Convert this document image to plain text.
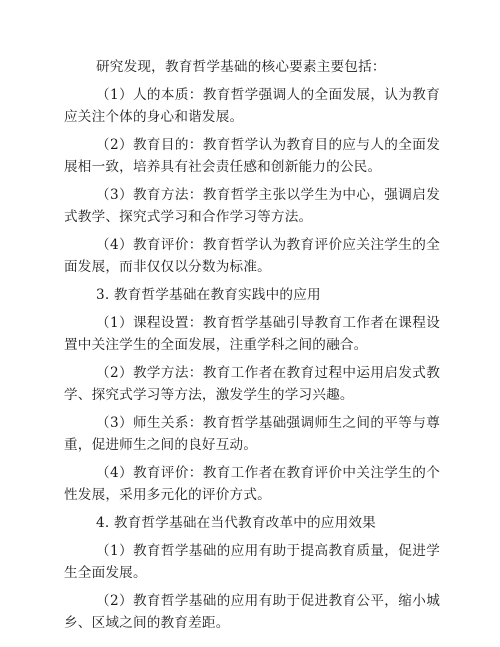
研究发现，教育哲学基础的核心要素主要包括：

（1）人的本质：教育哲学强调人的全面发展，认为教育应关注个体的身心和谐发展。

（2）教育目的：教育哲学认为教育目的应与人的全面发展相一致，培养具有社会责任感和创新能力的公民。

（3）教育方法：教育哲学主张以学生为中心，强调启发式教学、探究式学习和合作学习等方法。

（4）教育评价：教育哲学认为教育评价应关注学生的全面发展，而非仅仅以分数为标准。

3. 教育哲学基础在教育实践中的应用

（1）课程设置：教育哲学基础引导教育工作者在课程设置中关注学生的全面发展，注重学科之间的融合。

（2）教学方法：教育工作者在教育过程中运用启发式教学、探究式学习等方法，激发学生的学习兴趣。

（3）师生关系：教育哲学基础强调师生之间的平等与尊重，促进师生之间的良好互动。

（4）教育评价：教育工作者在教育评价中关注学生的个性发展，采用多元化的评价方式。

4. 教育哲学基础在当代教育改革中的应用效果

（1）教育哲学基础的应用有助于提高教育质量，促进学生全面发展。

（2）教育哲学基础的应用有助于促进教育公平，缩小城乡、区域之间的教育差距。
